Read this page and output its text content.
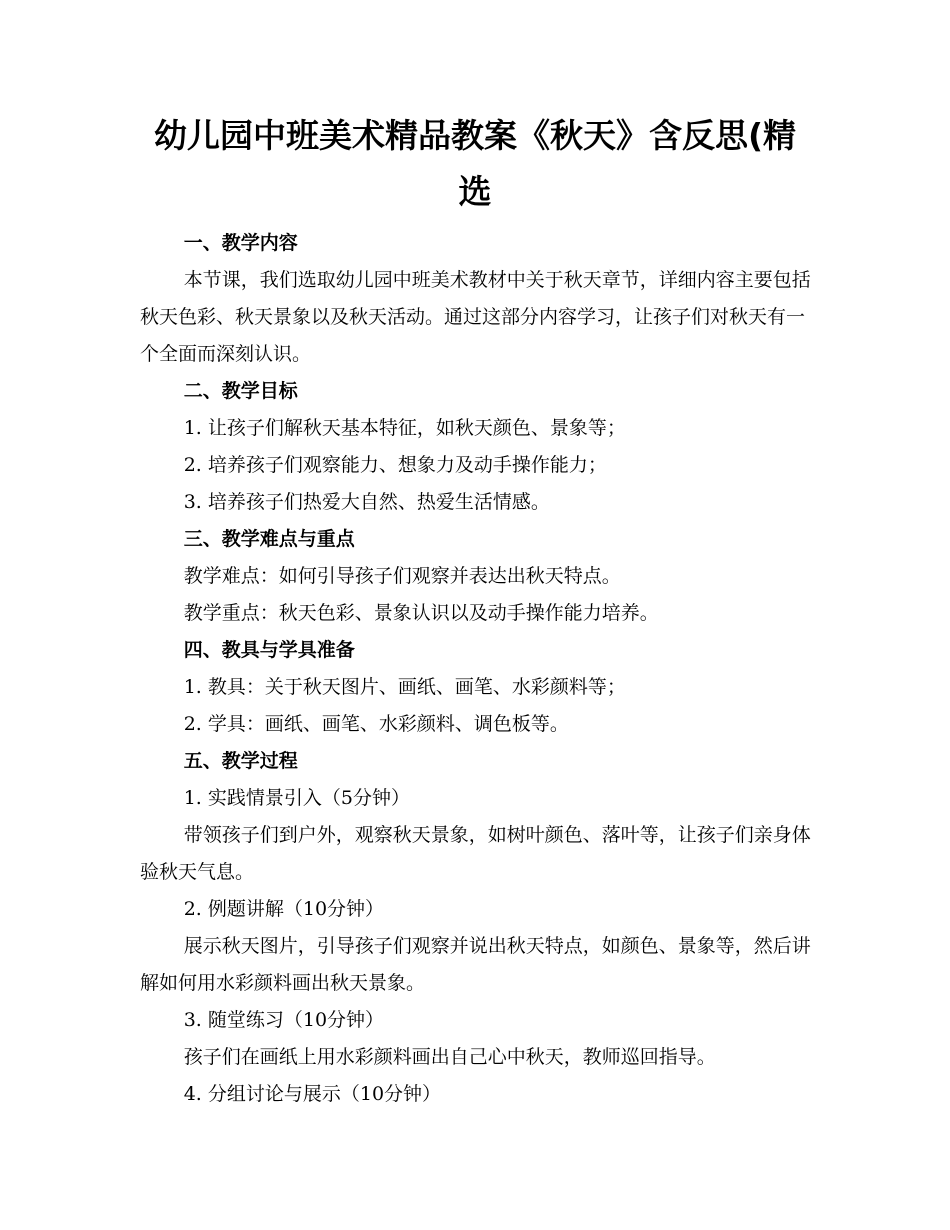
幼儿园中班美术精品教案《秋天》含反思(精选

一、教学内容

本节课，我们选取幼儿园中班美术教材中关于秋天章节，详细内容主要包括秋天色彩、秋天景象以及秋天活动。通过这部分内容学习，让孩子们对秋天有一个全面而深刻认识。

二、教学目标

1. 让孩子们解秋天基本特征，如秋天颜色、景象等；

2. 培养孩子们观察能力、想象力及动手操作能力；

3. 培养孩子们热爱大自然、热爱生活情感。

三、教学难点与重点

教学难点：如何引导孩子们观察并表达出秋天特点。

教学重点：秋天色彩、景象认识以及动手操作能力培养。

四、教具与学具准备

1. 教具：关于秋天图片、画纸、画笔、水彩颜料等；

2. 学具：画纸、画笔、水彩颜料、调色板等。

五、教学过程

1. 实践情景引入（5分钟）

带领孩子们到户外，观察秋天景象，如树叶颜色、落叶等，让孩子们亲身体验秋天气息。

2. 例题讲解（10分钟）

展示秋天图片，引导孩子们观察并说出秋天特点，如颜色、景象等，然后讲解如何用水彩颜料画出秋天景象。

3. 随堂练习（10分钟）

孩子们在画纸上用水彩颜料画出自己心中秋天，教师巡回指导。

4. 分组讨论与展示（10分钟）
